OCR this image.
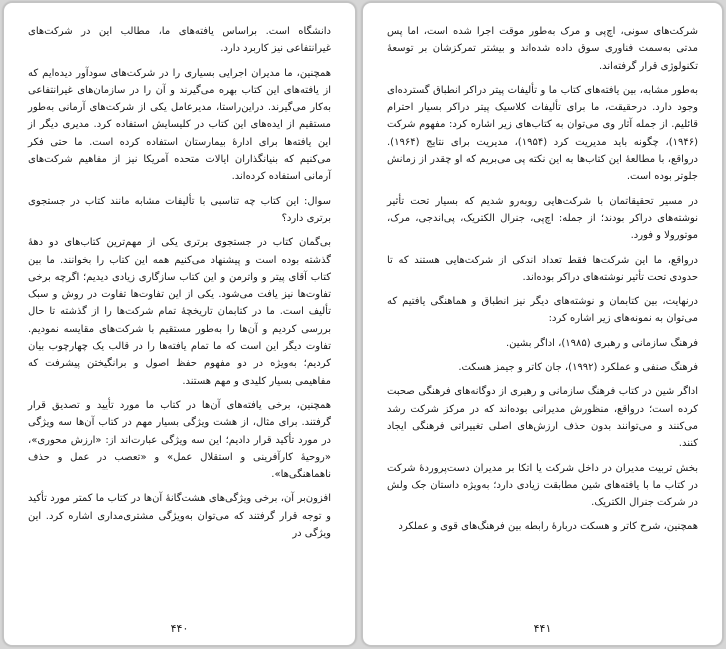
دانشگاه است. براساس یافته‌های ما، مطالب این در شرکت‌های غیرانتفاعی نیز کاربرد دارد.

همچنین، ما مدیران اجرایی بسیاری را در شرکت‌های سودآور دیده‌ایم که از یافته‌های این کتاب بهره می‌گیرند و آن را در سازمان‌های غیرانتفاعی به‌کار می‌گیرند. دراین‌راستا، مدیرعامل یکی از شرکت‌های آرمانی به‌طور مستقیم از ایده‌های این کتاب در کلیسایش استفاده کرد. مدیری دیگر از این یافته‌ها برای ادارهٔ بیمارستان استفاده کرده است. ما حتی فکر می‌کنیم که بنیانگذاران ایالات متحده آمریکا نیز از مفاهیم شرکت‌های آرمانی استفاده کرده‌اند.

سوال: این کتاب چه تناسبی با تألیفات مشابه مانند کتاب در جستجوی برتری دارد؟

بی‌گمان کتاب در جستجوی برتری یکی از مهم‌ترین کتاب‌های دو دههٔ گذشته بوده است و پیشنهاد می‌کنیم همه این کتاب را بخوانند. ما بین کتاب آقای پیتر و واترمن و این کتاب سازگاری زیادی دیدیم؛ اگرچه برخی تفاوت‌ها نیز یافت می‌شود. یکی از این تفاوت‌ها تفاوت در روش و سبک تألیف است. ما در کتابمان تاریخچهٔ تمام شرکت‌ها را از گذشته تا حال بررسی کردیم و آن‌ها را به‌طور مستقیم با شرکت‌های مقایسه نمودیم. تفاوت دیگر این است که ما تمام یافته‌ها را در قالب یک چهارچوب بیان کردیم؛ به‌ویژه در دو مفهوم حفظ اصول و برانگیختن پیشرفت که مفاهیمی بسیار کلیدی و مهم هستند.

همچنین، برخی یافته‌های آن‌ها در کتاب ما مورد تأیید و تصدیق قرار گرفتند. برای مثال، از هشت ویژگی بسیار مهم در کتاب آن‌ها سه ویژگی در مورد تأکید قرار دادیم؛ این سه ویژگی عبارت‌اند از: «ارزش محوری»، «روحیهٔ کارآفرینی و استقلال عمل» و «تعصب در عمل و حذف ناهماهنگی‌ها».

افزون‌بر آن، برخی ویژگی‌های هشت‌گانهٔ آن‌ها در کتاب ما کمتر مورد تأکید و توجه قرار گرفتند که می‌توان به‌ویژگی مشتری‌مداری اشاره کرد. این ویژگی در

۴۴۰

شرکت‌های سونی، اچ‌پی و مرک به‌طور موقت اجرا شده است، اما پس مدتی به‌سمت فناوری سوق داده شده‌اند و بیشتر تمرکزشان بر توسعهٔ تکنولوژی قرار گرفته‌اند.

به‌طور مشابه، بین یافته‌های کتاب ما و تألیفات پیتر دراکر انطباق گسترده‌ای وجود دارد. درحقیقت، ما برای تألیفات کلاسیک پیتر دراکر بسیار احترام قائلیم. از جمله آثار وی می‌توان به کتاب‌های زیر اشاره کرد: مفهوم شرکت (۱۹۴۶)، چگونه باید مدیریت کرد (۱۹۵۴)، مدیریت برای نتایج (۱۹۶۴). درواقع، با مطالعهٔ این کتاب‌ها به این نکته پی می‌بریم که او چقدر از زمانش جلوتر بوده است.

در مسیر تحقیقاتمان با شرکت‌هایی روبه‌رو شدیم که بسیار تحت تأثیر نوشته‌های دراکر بودند؛ از جمله: اچ‌پی، جنرال الکتریک، پی‌اندجی، مرک، موتورولا و فورد.

درواقع، ما این شرکت‌ها فقط تعداد اندکی از شرکت‌هایی هستند که تا حدودی تحت تأثیر نوشته‌های دراکر بوده‌اند.

درنهایت، بین کتابمان و نوشته‌های دیگر نیز انطباق و هماهنگی یافتیم که می‌توان به نمونه‌های زیر اشاره کرد:

فرهنگ سازمانی و رهبری (۱۹۸۵)، اداگر بشین.

فرهنگ صنفی و عملکرد (۱۹۹۲)، جان کاتر و جیمز هسکت.

اداگر شین در کتاب فرهنگ سازمانی و رهبری از دوگانه‌های فرهنگی صحبت کرده است؛ درواقع، منظورش مدیرانی بوده‌اند که در مرکز شرکت رشد می‌کنند و می‌توانند بدون حذف ارزش‌های اصلی تغییراتی فرهنگی ایجاد کنند.

بخش تربیت مدیران در داخل شرکت یا اتکا بر مدیران دست‌پروردهٔ شرکت در کتاب ما با یافته‌های شین مطابقت زیادی دارد؛ به‌ویژه داستان جک ولش در شرکت جنرال الکتریک.

همچنین، شرح کاتر و هسکت دربارهٔ رابطه بین فرهنگ‌های قوی و عملکرد

۴۴۱
